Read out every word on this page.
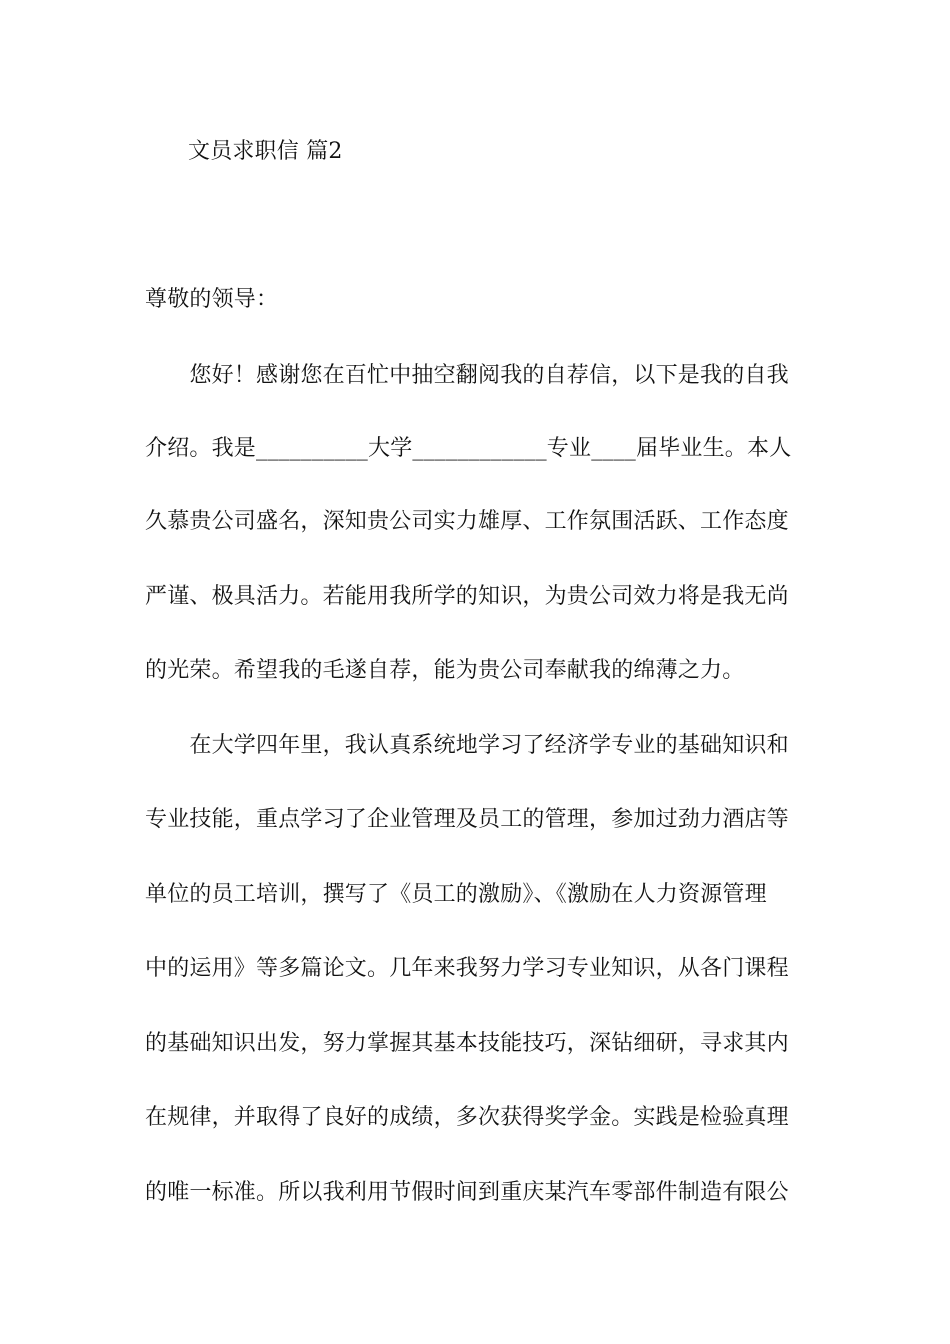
文员求职信 篇2
尊敬的领导：
　　您好！感谢您在百忙中抽空翻阅我的自荐信，以下是我的自我
介绍。我是__________大学____________专业____届毕业生。本人
久慕贵公司盛名，深知贵公司实力雄厚、工作氛围活跃、工作态度
严谨、极具活力。若能用我所学的知识，为贵公司效力将是我无尚
的光荣。希望我的毛遂自荐，能为贵公司奉献我的绵薄之力。
　　在大学四年里，我认真系统地学习了经济学专业的基础知识和
专业技能，重点学习了企业管理及员工的管理，参加过劲力酒店等
单位的员工培训，撰写了《员工的激励》、《激励在人力资源管理
中的运用》等多篇论文。几年来我努力学习专业知识，从各门课程
的基础知识出发，努力掌握其基本技能技巧，深钻细研，寻求其内
在规律，并取得了良好的成绩，多次获得奖学金。实践是检验真理
的唯一标准。所以我利用节假时间到重庆某汽车零部件制造有限公
